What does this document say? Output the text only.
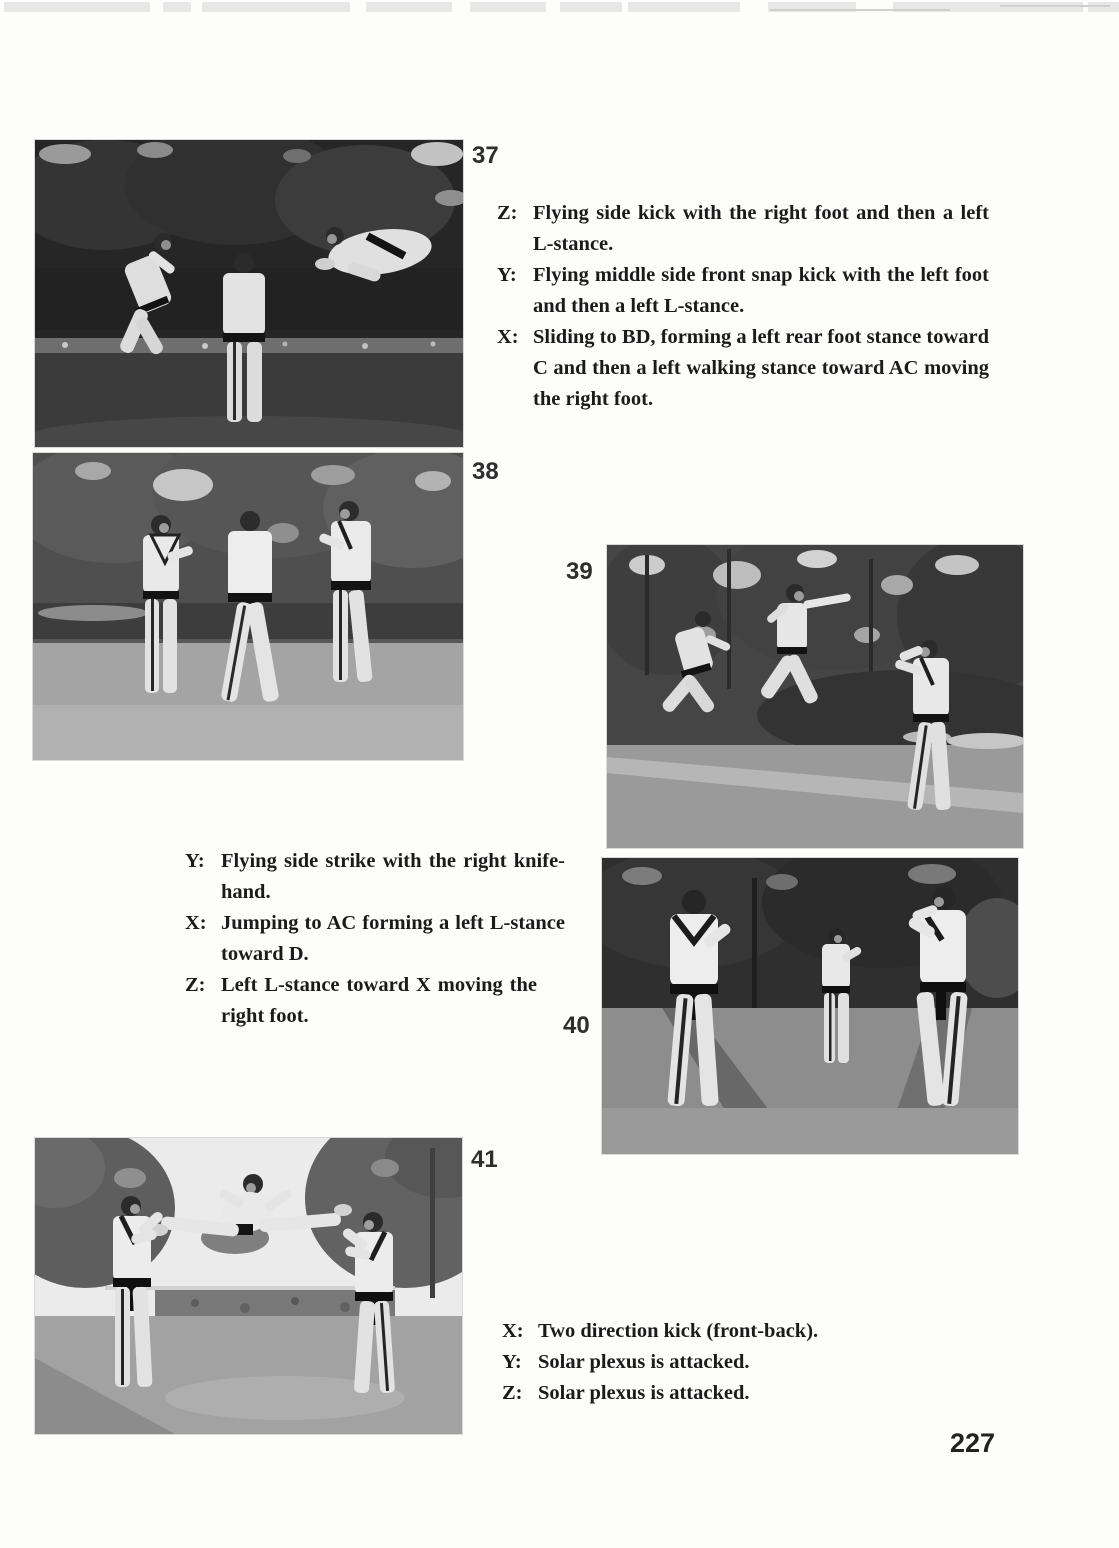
37
Z: Flying side kick with the right foot and then a left L-stance.
Y: Flying middle side front snap kick with the left foot and then a left L-stance.
X: Sliding to BD, forming a left rear foot stance toward C and then a left walking stance toward AC moving the right foot.
38
39
Y: Flying side strike with the right knife-hand.
X: Jumping to AC forming a left L-stance toward D.
Z: Left L-stance toward X moving the right foot.	40
41
X: Two direction kick (front-back).
Y: Solar plexus is attacked.
Z: Solar plexus is attacked.
227
